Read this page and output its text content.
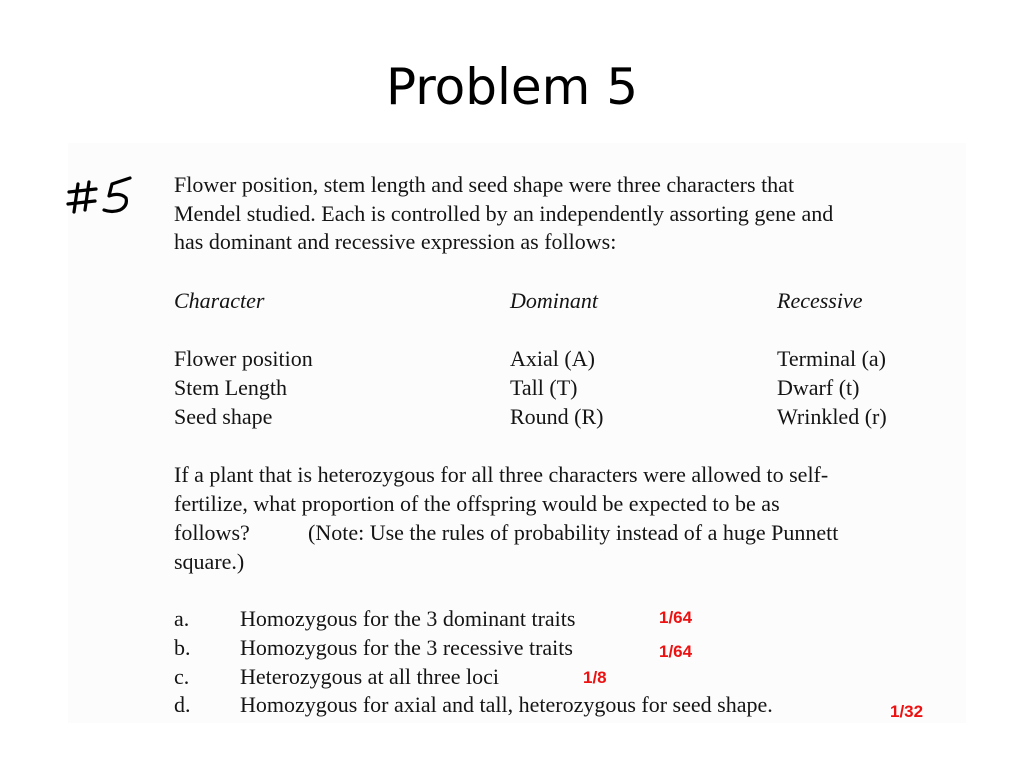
Problem 5
Flower position, stem length and seed shape were three characters that
Mendel studied. Each is controlled by an independently assorting gene and
has dominant and recessive expression as follows:
Character	Dominant	Recessive
Flower position	Axial (A)	Terminal (a)
Stem Length	Tall (T)	Dwarf (t)
Seed shape	Round (R)	Wrinkled (r)
If a plant that is heterozygous for all three characters were allowed to self-
fertilize, what proportion of the offspring would be expected to be as
follows?	(Note: Use the rules of probability instead of a huge Punnett
square.)
a. Homozygous for the 3 dominant traits	1/64
b. Homozygous for the 3 recessive traits	1/64
c. Heterozygous at all three loci	1/8
d. Homozygous for axial and tall, heterozygous for seed shape.	1/32
